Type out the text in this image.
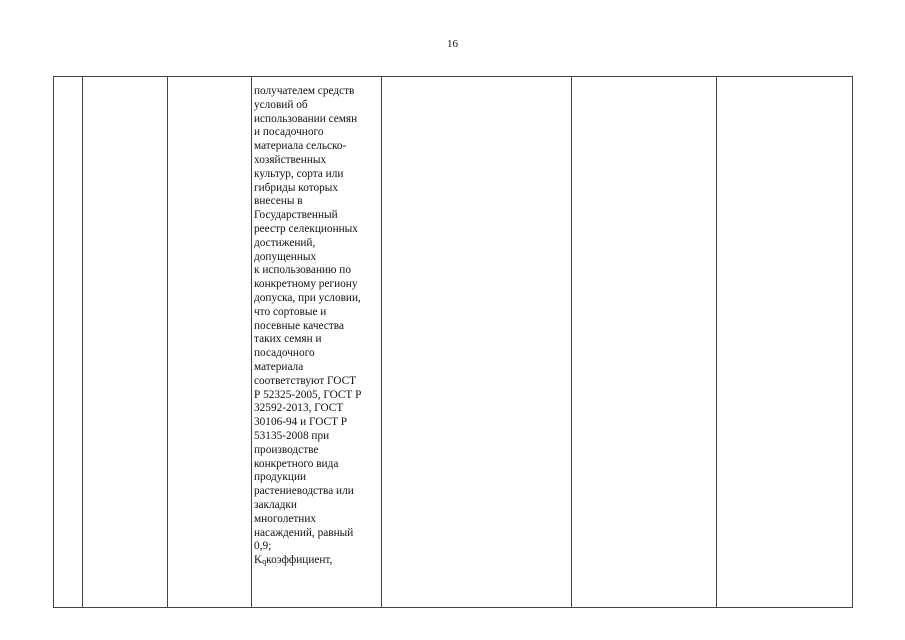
16
получателем средств
условий об
использовании семян
и посадочного
материала сельско-
хозяйственных
культур, сорта или
гибриды которых
внесены в
Государственный
реестр селекционных
достижений,
допущенных
к использованию по
конкретному региону
допуска, при условии,
что сортовые и
посевные качества
таких семян и
посадочного
материала
соответствуют ГОСТ
Р 52325-2005, ГОСТ Р
32592-2013, ГОСТ
30106-94 и ГОСТ Р
53135-2008 при
производстве
конкретного вида
продукции
растениеводства или
закладки
многолетних
насаждений, равный
0,9;
Kqкоэффициент,
